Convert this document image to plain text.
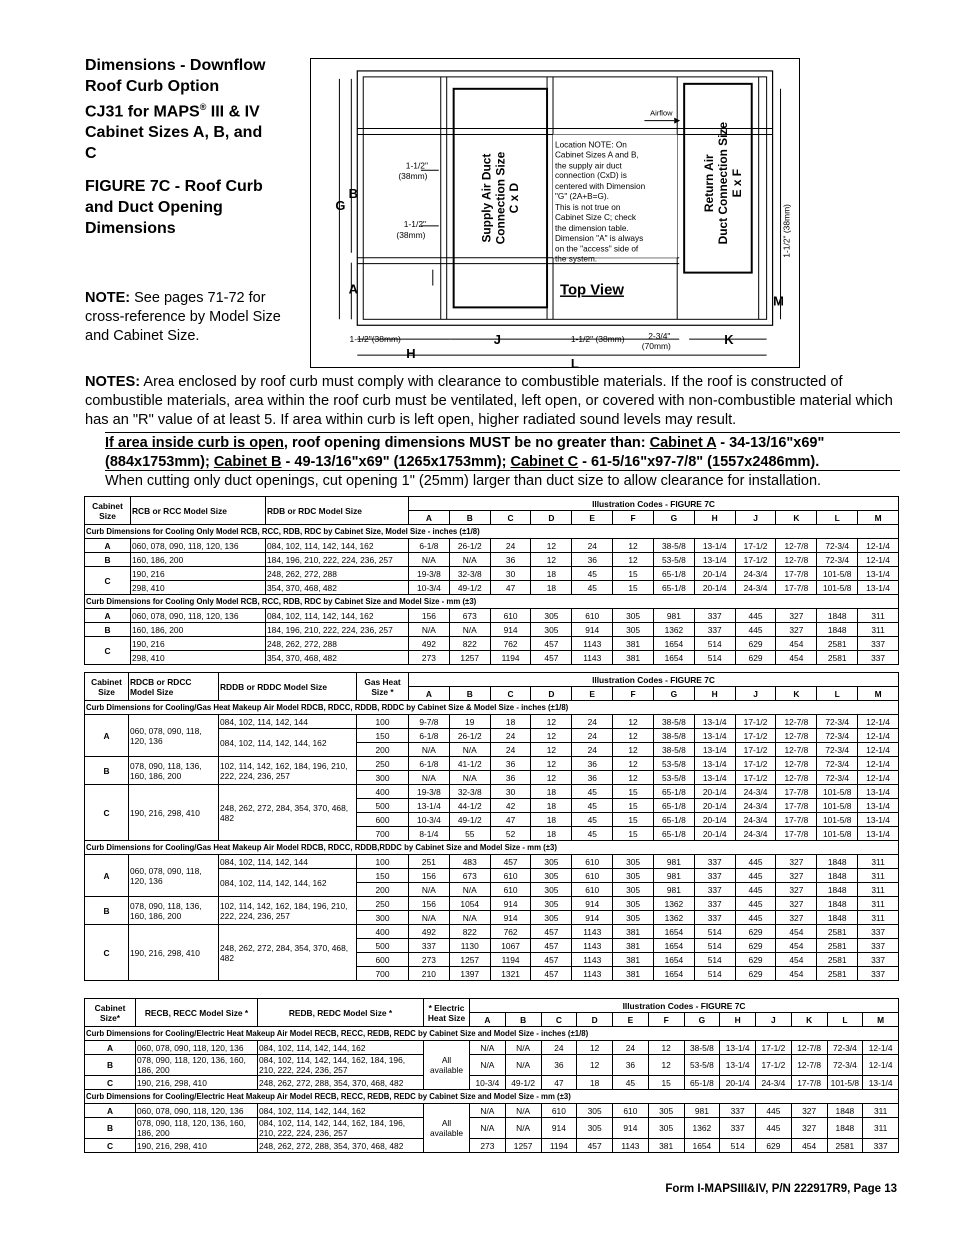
Dimensions - Downflow
Roof Curb Option
CJ31 for MAPS® III & IV
Cabinet Sizes A, B, and
C
FIGURE 7C - Roof Curb
and Duct Opening
Dimensions
NOTE: See pages 71-72 for cross-reference by Model Size and Cabinet Size.
B
G
A
H
J	K
L
M
1-1/2"
(38mm)
1-1/2"
(38mm)	1-1/2" (38mm)
1-1/2"(38mm)	1-1/2" (38mm)	2-3/4"
(70mm)
Airflow
Supply Air Duct Connection Size C x D	Return Air Duct Connection Size E x F
Top View
Location NOTE: On
Cabinet Sizes A and B,
the supply air duct
connection (CxD) is
centered with Dimension
"G" (2A+B=G).
This is not true on
Cabinet Size C; check
the dimension table.
Dimension "A" is always
on the "access" side of
the system.
NOTES: Area enclosed by roof curb must comply with clearance to combustible materials. If the roof is constructed of combustible materials, area within the roof curb must be ventilated, left open, or covered with non-combustible material which has an "R" value of at least 5. If area within curb is left open, higher radiated sound levels may result.
If area inside curb is open, roof opening dimensions MUST be no greater than: Cabinet A - 34-13/16"x69" (884x1753mm); Cabinet B - 49-13/16"x69" (1265x1753mm); Cabinet C - 61-5/16"x97-7/8" (1557x2486mm).
When cutting only duct openings, cut opening 1" (25mm) larger than duct size to allow clearance for installation.
Cabinet Size	RCB or RCC Model Size	RDB or RDC Model Size	Illustration Codes - FIGURE 7C											
			A	B	C	D	E	F	G	H	J	K	L	M
Curb Dimensions for Cooling Only Model RCB, RCC, RDB, RDC by Cabinet Size, Model Size - inches (±1/8)														
A	060, 078, 090, 118, 120, 136	084, 102, 114, 142, 144, 162	6-1/8	26-1/2	24	12	24	12	38-5/8	13-1/4	17-1/2	12-7/8	72-3/4	12-1/4
B	160, 186, 200	184, 196, 210, 222, 224, 236, 257	N/A	N/A	36	12	36	12	53-5/8	13-1/4	17-1/2	12-7/8	72-3/4	12-1/4
C	190, 216	248, 262, 272, 288	19-3/8	32-3/8	30	18	45	15	65-1/8	20-1/4	24-3/4	17-7/8	101-5/8	13-1/4
	298, 410	354, 370, 468, 482	10-3/4	49-1/2	47	18	45	15	65-1/8	20-1/4	24-3/4	17-7/8	101-5/8	13-1/4
Curb Dimensions for Cooling Only Model RCB, RCC, RDB, RDC by Cabinet Size and Model Size - mm (±3)														
A	060, 078, 090, 118, 120, 136	084, 102, 114, 142, 144, 162	156	673	610	305	610	305	981	337	445	327	1848	311
B	160, 186, 200	184, 196, 210, 222, 224, 236, 257	N/A	N/A	914	305	914	305	1362	337	445	327	1848	311
C	190, 216	248, 262, 272, 288	492	822	762	457	1143	381	1654	514	629	454	2581	337
	298, 410	354, 370, 468, 482	273	1257	1194	457	1143	381	1654	514	629	454	2581	337
Cabinet Size	RDCB or RDCC Model Size	RDDB or RDDC Model Size	Gas Heat Size *	Illustration Codes - FIGURE 7C											
				A	B	C	D	E	F	G	H	J	K	L	M
Curb Dimensions for Cooling/Gas Heat Makeup Air Model RDCB, RDCC, RDDB, RDDC by Cabinet Size & Model Size - inches (±1/8)															
A	060, 078, 090, 118, 120, 136	084, 102, 114, 142, 144	100	9-7/8	19	18	12	24	12	38-5/8	13-1/4	17-1/2	12-7/8	72-3/4	12-1/4
		084, 102, 114, 142, 144, 162	150	6-1/8	26-1/2	24	12	24	12	38-5/8	13-1/4	17-1/2	12-7/8	72-3/4	12-1/4
			200	N/A	N/A	24	12	24	12	38-5/8	13-1/4	17-1/2	12-7/8	72-3/4	12-1/4
B	078, 090, 118, 136, 160, 186, 200	102, 114, 142, 162, 184, 196, 210, 222, 224, 236, 257	250	6-1/8	41-1/2	36	12	36	12	53-5/8	13-1/4	17-1/2	12-7/8	72-3/4	12-1/4
			300	N/A	N/A	36	12	36	12	53-5/8	13-1/4	17-1/2	12-7/8	72-3/4	12-1/4
C	190, 216, 298, 410	248, 262, 272, 284, 354, 370, 468, 482	400	19-3/8	32-3/8	30	18	45	15	65-1/8	20-1/4	24-3/4	17-7/8	101-5/8	13-1/4
			500	13-1/4	44-1/2	42	18	45	15	65-1/8	20-1/4	24-3/4	17-7/8	101-5/8	13-1/4
			600	10-3/4	49-1/2	47	18	45	15	65-1/8	20-1/4	24-3/4	17-7/8	101-5/8	13-1/4
			700	8-1/4	55	52	18	45	15	65-1/8	20-1/4	24-3/4	17-7/8	101-5/8	13-1/4
Curb Dimensions for Cooling/Gas Heat Makeup Air Model RDCB, RDCC, RDDB,RDDC by Cabinet Size and Model Size - mm (±3)															
A	060, 078, 090, 118, 120, 136	084, 102, 114, 142, 144	100	251	483	457	305	610	305	981	337	445	327	1848	311
		084, 102, 114, 142, 144, 162	150	156	673	610	305	610	305	981	337	445	327	1848	311
			200	N/A	N/A	610	305	610	305	981	337	445	327	1848	311
B	078, 090, 118, 136, 160, 186, 200	102, 114, 142, 162, 184, 196, 210, 222, 224, 236, 257	250	156	1054	914	305	914	305	1362	337	445	327	1848	311
			300	N/A	N/A	914	305	914	305	1362	337	445	327	1848	311
C	190, 216, 298, 410	248, 262, 272, 284, 354, 370, 468, 482	400	492	822	762	457	1143	381	1654	514	629	454	2581	337
			500	337	1130	1067	457	1143	381	1654	514	629	454	2581	337
			600	273	1257	1194	457	1143	381	1654	514	629	454	2581	337
			700	210	1397	1321	457	1143	381	1654	514	629	454	2581	337
Cabinet Size*	RECB, RECC Model Size *	REDB, REDC Model Size *	* Electric Heat Size	Illustration Codes - FIGURE 7C											
				A	B	C	D	E	F	G	H	J	K	L	M
Curb Dimensions for Cooling/Electric Heat Makeup Air Model RECB, RECC, REDB, REDC by Cabinet Size and Model Size - inches (±1/8)															
A	060, 078, 090, 118, 120, 136	084, 102, 114, 142, 144, 162	All available	N/A	N/A	24	12	24	12	38-5/8	13-1/4	17-1/2	12-7/8	72-3/4	12-1/4
B	078, 090, 118, 120, 136, 160, 186, 200	084, 102, 114, 142, 144, 162, 184, 196, 210, 222, 224, 236, 257		N/A	N/A	36	12	36	12	53-5/8	13-1/4	17-1/2	12-7/8	72-3/4	12-1/4
C	190, 216, 298, 410	248, 262, 272, 288, 354, 370, 468, 482		10-3/4	49-1/2	47	18	45	15	65-1/8	20-1/4	24-3/4	17-7/8	101-5/8	13-1/4
Curb Dimensions for Cooling/Electric Heat Makeup Air Model RECB, RECC, REDB, REDC by Cabinet Size and Model Size - mm (±3)															
A	060, 078, 090, 118, 120, 136	084, 102, 114, 142, 144, 162	All available	N/A	N/A	610	305	610	305	981	337	445	327	1848	311
B	078, 090, 118, 120, 136, 160, 186, 200	084, 102, 114, 142, 144, 162, 184, 196, 210, 222, 224, 236, 257		N/A	N/A	914	305	914	305	1362	337	445	327	1848	311
C	190, 216, 298, 410	248, 262, 272, 288, 354, 370, 468, 482		273	1257	1194	457	1143	381	1654	514	629	454	2581	337
Form I-MAPSIII&IV, P/N 222917R9, Page 13
